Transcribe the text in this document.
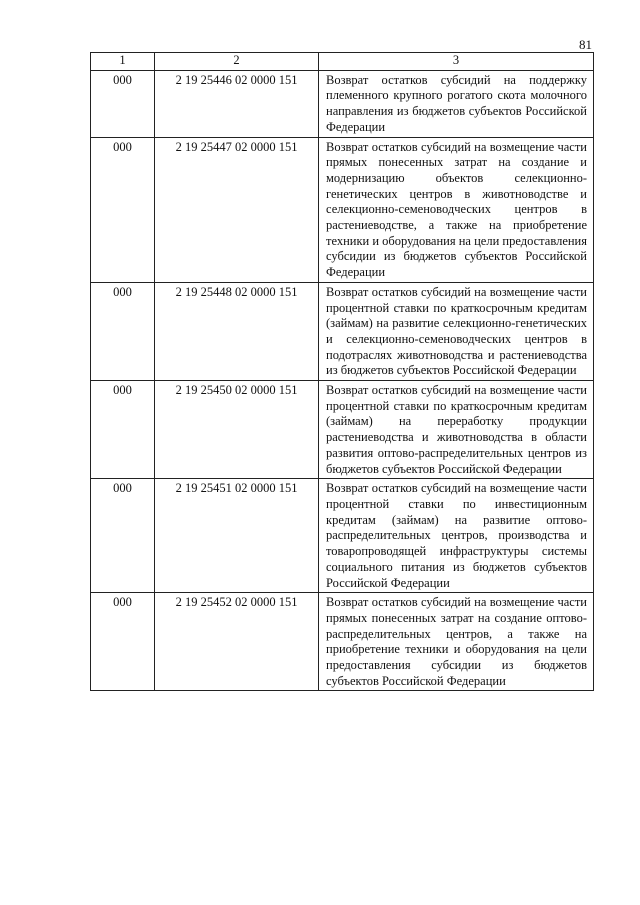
81
1	2	3
000	2 19 25446 02 0000 151	Возврат остатков субсидий на поддержку племенного крупного рогатого скота молочного направления из бюджетов субъектов Российской Федерации
000	2 19 25447 02 0000 151	Возврат остатков субсидий на возмещение части прямых понесенных затрат на создание и модернизацию объектов селекционно-генетических центров в животноводстве и селекционно-семеноводческих центров в растениеводстве, а также на приобретение техники и оборудования на цели предоставления субсидии из бюджетов субъектов Российской Федерации
000	2 19 25448 02 0000 151	Возврат остатков субсидий на возмещение части процентной ставки по краткосрочным кредитам (займам) на развитие селекционно-генетических и селекционно-семеноводческих центров в подотраслях животноводства и растениеводства из бюджетов субъектов Российской Федерации
000	2 19 25450 02 0000 151	Возврат остатков субсидий на возмещение части процентной ставки по краткосрочным кредитам (займам) на переработку продукции растениеводства и животноводства в области развития оптово-распределительных центров из бюджетов субъектов Российской Федерации
000	2 19 25451 02 0000 151	Возврат остатков субсидий на возмещение части процентной ставки по инвестиционным кредитам (займам) на развитие оптово-распределительных центров, производства и товаропроводящей инфраструктуры системы социального питания из бюджетов субъектов Российской Федерации
000	2 19 25452 02 0000 151	Возврат остатков субсидий на возмещение части прямых понесенных затрат на создание оптово-распределительных центров, а также на приобретение техники и оборудования на цели предоставления субсидии из бюджетов субъектов Российской Федерации
